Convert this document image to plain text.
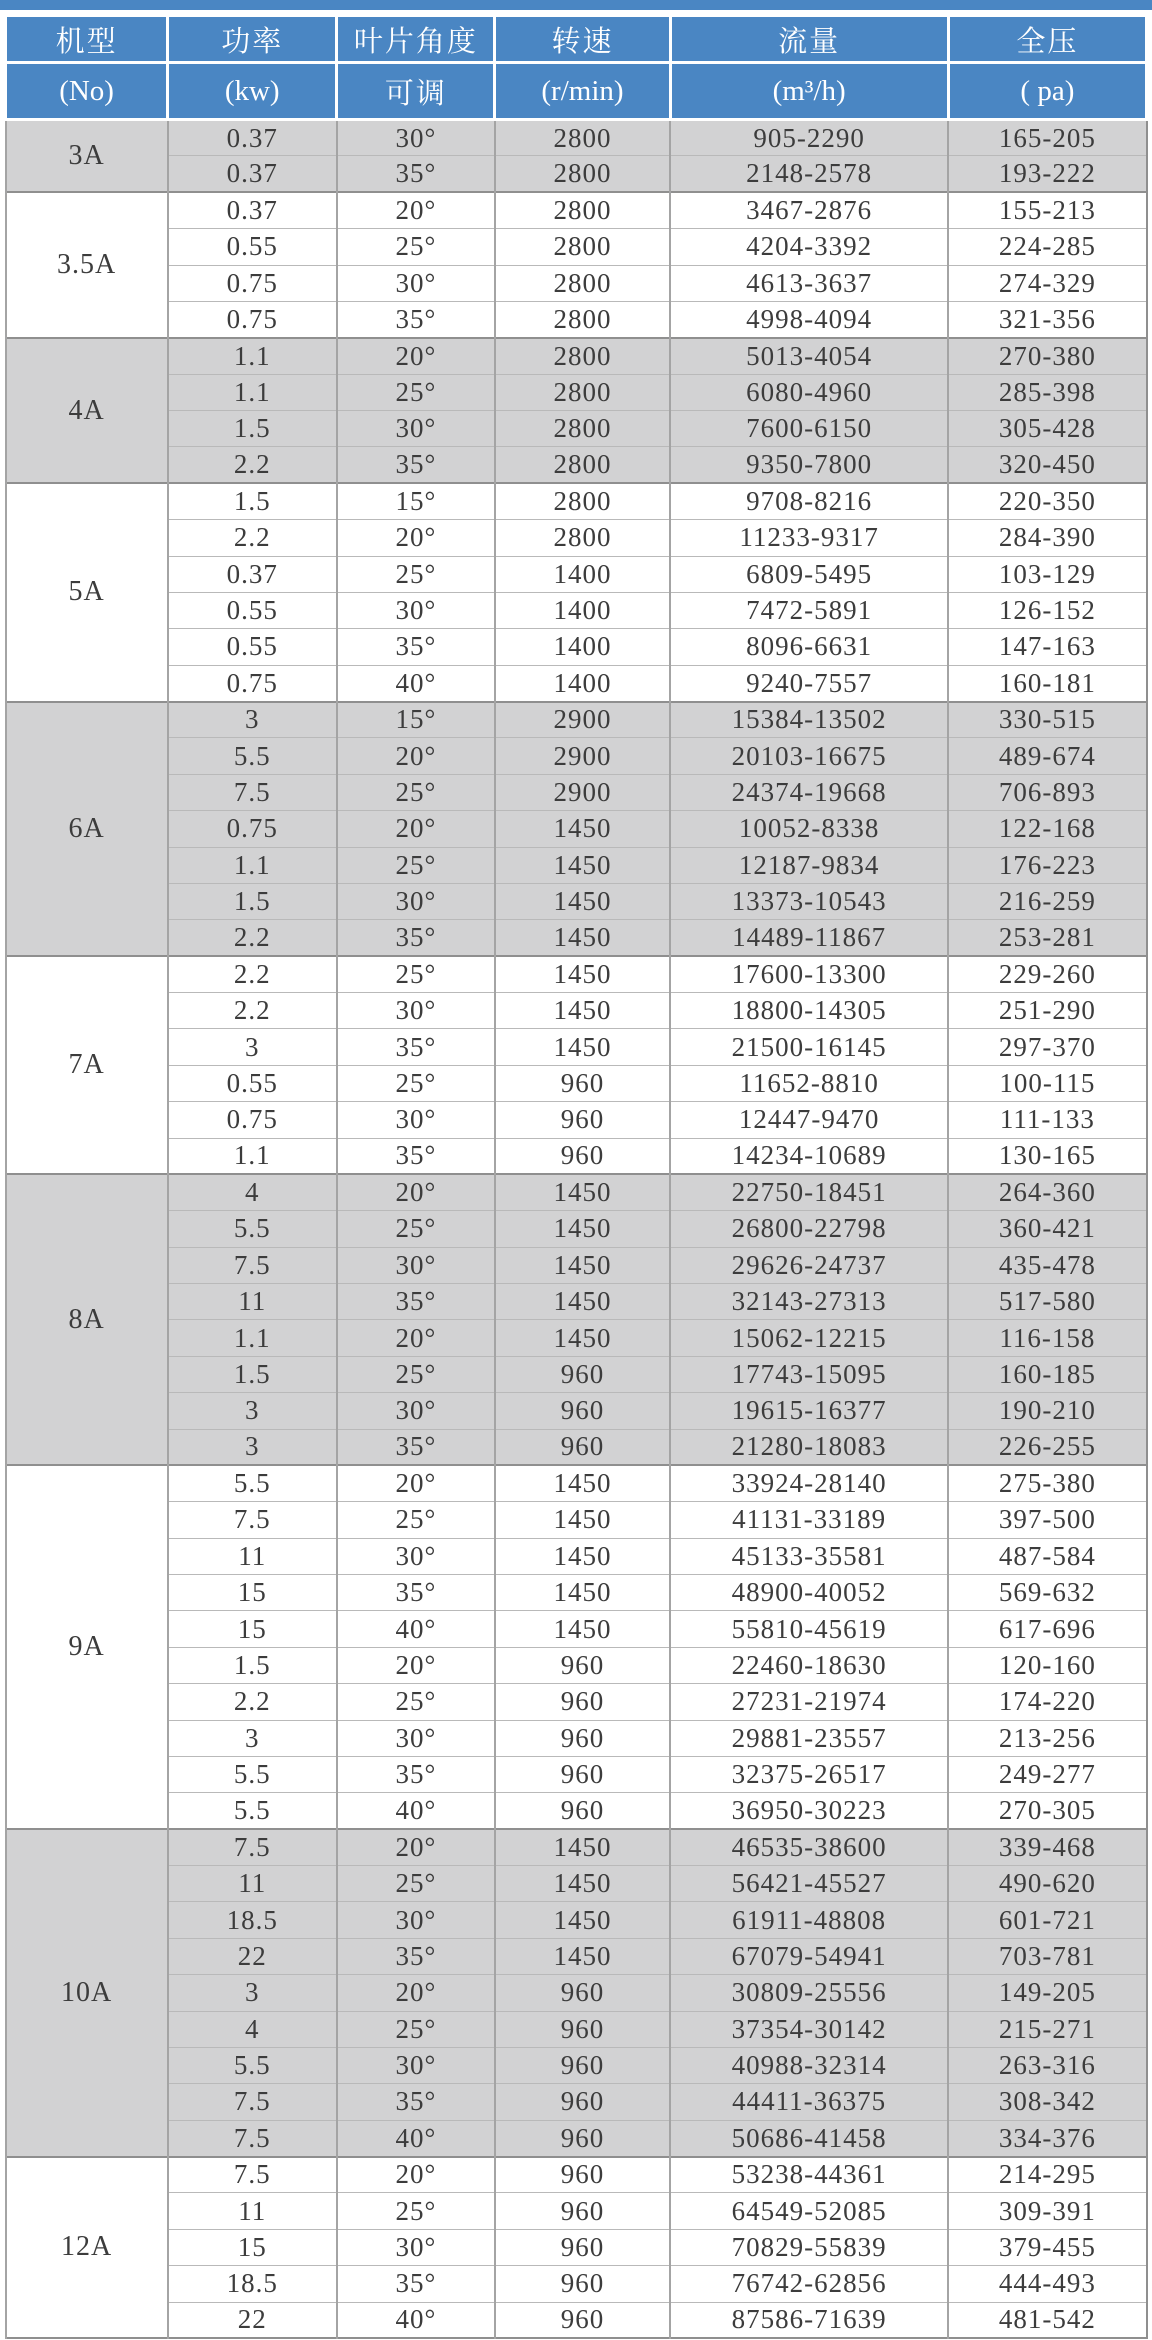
机型	功率	叶片角度	转速	流量	全压
(No)	(kw)	可调	(r/min)	(m³/h)	( pa)
3A	0.37	30°	2800	905-2290	165-205
	0.37	35°	2800	2148-2578	193-222
3.5A	0.37	20°	2800	3467-2876	155-213
	0.55	25°	2800	4204-3392	224-285
	0.75	30°	2800	4613-3637	274-329
	0.75	35°	2800	4998-4094	321-356
4A	1.1	20°	2800	5013-4054	270-380
	1.1	25°	2800	6080-4960	285-398
	1.5	30°	2800	7600-6150	305-428
	2.2	35°	2800	9350-7800	320-450
5A	1.5	15°	2800	9708-8216	220-350
	2.2	20°	2800	11233-9317	284-390
	0.37	25°	1400	6809-5495	103-129
	0.55	30°	1400	7472-5891	126-152
	0.55	35°	1400	8096-6631	147-163
	0.75	40°	1400	9240-7557	160-181
6A	3	15°	2900	15384-13502	330-515
	5.5	20°	2900	20103-16675	489-674
	7.5	25°	2900	24374-19668	706-893
	0.75	20°	1450	10052-8338	122-168
	1.1	25°	1450	12187-9834	176-223
	1.5	30°	1450	13373-10543	216-259
	2.2	35°	1450	14489-11867	253-281
7A	2.2	25°	1450	17600-13300	229-260
	2.2	30°	1450	18800-14305	251-290
	3	35°	1450	21500-16145	297-370
	0.55	25°	960	11652-8810	100-115
	0.75	30°	960	12447-9470	111-133
	1.1	35°	960	14234-10689	130-165
8A	4	20°	1450	22750-18451	264-360
	5.5	25°	1450	26800-22798	360-421
	7.5	30°	1450	29626-24737	435-478
	11	35°	1450	32143-27313	517-580
	1.1	20°	1450	15062-12215	116-158
	1.5	25°	960	17743-15095	160-185
	3	30°	960	19615-16377	190-210
	3	35°	960	21280-18083	226-255
9A	5.5	20°	1450	33924-28140	275-380
	7.5	25°	1450	41131-33189	397-500
	11	30°	1450	45133-35581	487-584
	15	35°	1450	48900-40052	569-632
	15	40°	1450	55810-45619	617-696
	1.5	20°	960	22460-18630	120-160
	2.2	25°	960	27231-21974	174-220
	3	30°	960	29881-23557	213-256
	5.5	35°	960	32375-26517	249-277
	5.5	40°	960	36950-30223	270-305
10A	7.5	20°	1450	46535-38600	339-468
	11	25°	1450	56421-45527	490-620
	18.5	30°	1450	61911-48808	601-721
	22	35°	1450	67079-54941	703-781
	3	20°	960	30809-25556	149-205
	4	25°	960	37354-30142	215-271
	5.5	30°	960	40988-32314	263-316
	7.5	35°	960	44411-36375	308-342
	7.5	40°	960	50686-41458	334-376
12A	7.5	20°	960	53238-44361	214-295
	11	25°	960	64549-52085	309-391
	15	30°	960	70829-55839	379-455
	18.5	35°	960	76742-62856	444-493
	22	40°	960	87586-71639	481-542
